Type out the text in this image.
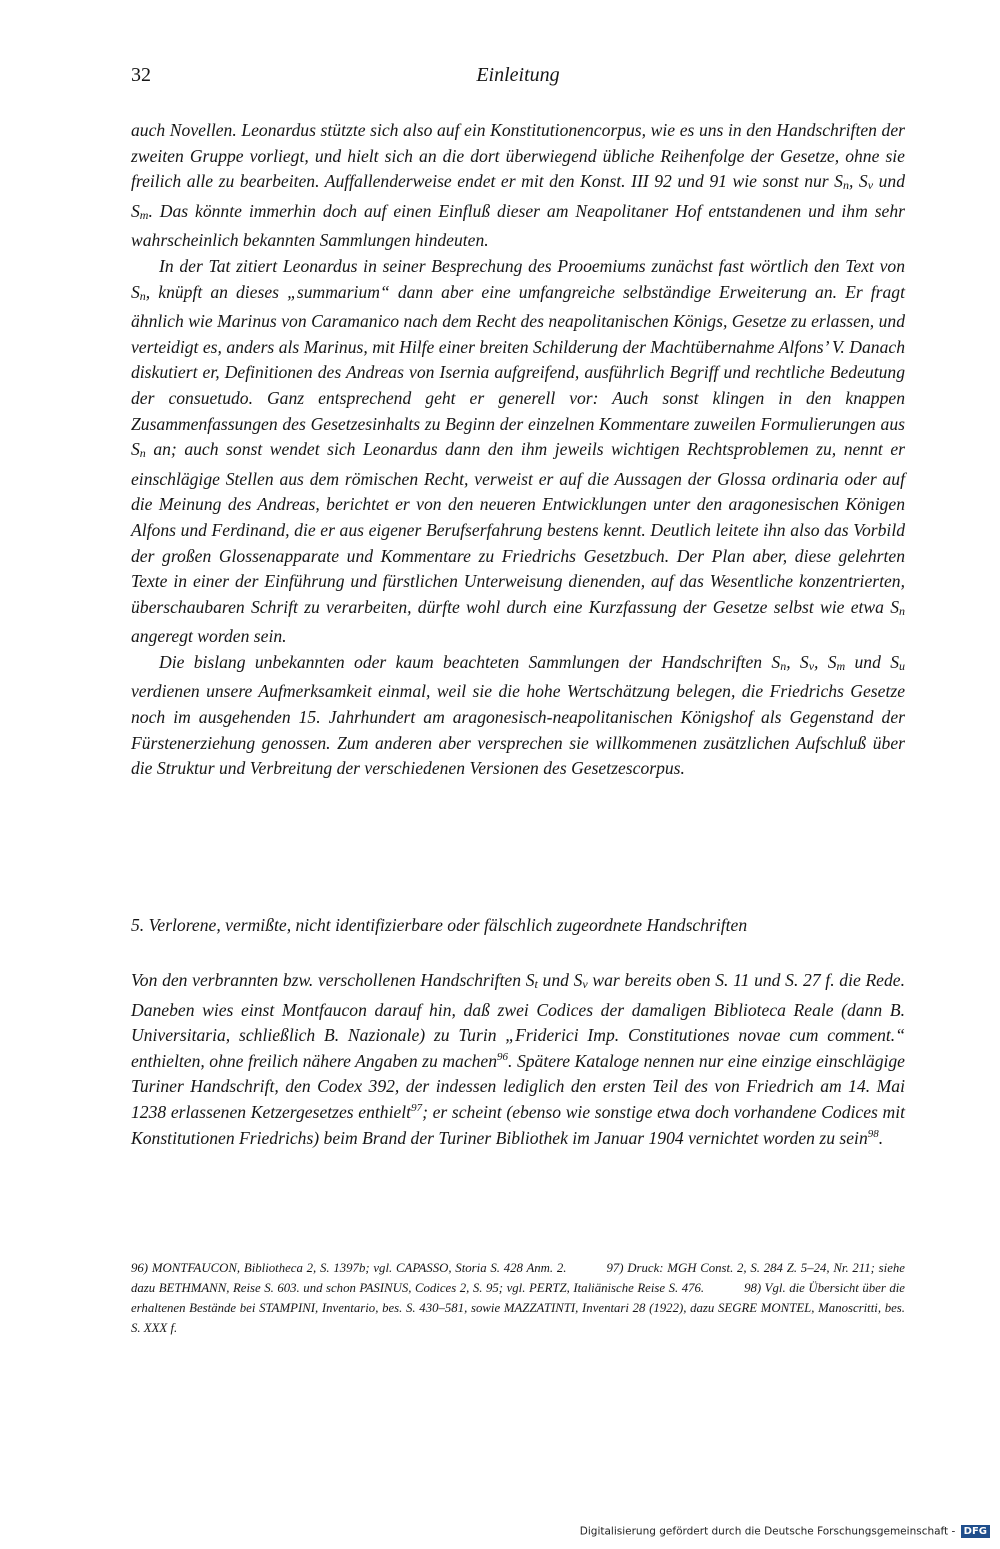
32	Einleitung

auch Novellen. Leonardus stützte sich also auf ein Konstitutionencorpus, wie es uns in den Handschriften der zweiten Gruppe vorliegt, und hielt sich an die dort überwiegend übliche Reihenfolge der Gesetze, ohne sie freilich alle zu bearbeiten. Auffallenderweise endet er mit den Konst. III 92 und 91 wie sonst nur Sn, Sv und Sm. Das könnte immerhin doch auf einen Einfluß dieser am Neapolitaner Hof entstandenen und ihm sehr wahrscheinlich bekannten Sammlungen hindeuten.

In der Tat zitiert Leonardus in seiner Besprechung des Prooemiums zunächst fast wörtlich den Text von Sn, knüpft an dieses „summarium“ dann aber eine umfangreiche selbständige Erweiterung an. Er fragt ähnlich wie Marinus von Caramanico nach dem Recht des neapolitanischen Königs, Gesetze zu erlassen, und verteidigt es, anders als Marinus, mit Hilfe einer breiten Schilderung der Machtübernahme Alfons’ V. Danach diskutiert er, Definitionen des Andreas von Isernia aufgreifend, ausführlich Begriff und rechtliche Bedeutung der consuetudo. Ganz entsprechend geht er generell vor: Auch sonst klingen in den knappen Zusammenfassungen des Gesetzesinhalts zu Beginn der einzelnen Kommentare zuweilen Formulierungen aus Sn an; auch sonst wendet sich Leonardus dann den ihm jeweils wichtigen Rechtsproblemen zu, nennt er einschlägige Stellen aus dem römischen Recht, verweist er auf die Aussagen der Glossa ordinaria oder auf die Meinung des Andreas, berichtet er von den neueren Entwicklungen unter den aragonesischen Königen Alfons und Ferdinand, die er aus eigener Berufserfahrung bestens kennt. Deutlich leitete ihn also das Vorbild der großen Glossenapparate und Kommentare zu Friedrichs Gesetzbuch. Der Plan aber, diese gelehrten Texte in einer der Einführung und fürstlichen Unterweisung dienenden, auf das Wesentliche konzentrierten, überschaubaren Schrift zu verarbeiten, dürfte wohl durch eine Kurzfassung der Gesetze selbst wie etwa Sn angeregt worden sein.

Die bislang unbekannten oder kaum beachteten Sammlungen der Handschriften Sn, Sv, Sm und Su verdienen unsere Aufmerksamkeit einmal, weil sie die hohe Wertschätzung belegen, die Friedrichs Gesetze noch im ausgehenden 15. Jahrhundert am aragonesisch-neapolitanischen Königshof als Gegenstand der Fürstenerziehung genossen. Zum anderen aber versprechen sie willkommenen zusätzlichen Aufschluß über die Struktur und Verbreitung der verschiedenen Versionen des Gesetzescorpus.

5. Verlorene, vermißte, nicht identifizierbare oder fälschlich zugeordnete Handschriften

Von den verbrannten bzw. verschollenen Handschriften St und Sv war bereits oben S. 11 und S. 27 f. die Rede. Daneben wies einst Montfaucon darauf hin, daß zwei Codices der damaligen Biblioteca Reale (dann B. Universitaria, schließlich B. Nazionale) zu Turin „Friderici Imp. Constitutiones novae cum comment.“ enthielten, ohne freilich nähere Angaben zu machen$^{96}$. Spätere Kataloge nennen nur eine einzige einschlägige Turiner Handschrift, den Codex 392, der indessen lediglich den ersten Teil des von Friedrich am 14. Mai 1238 erlassenen Ketzergesetzes enthielt$^{97}$; er scheint (ebenso wie sonstige etwa doch vorhandene Codices mit Konstitutionen Friedrichs) beim Brand der Turiner Bibliothek im Januar 1904 vernichtet worden zu sein$^{98}$.

96) MONTFAUCON, Bibliotheca 2, S. 1397b; vgl. CAPASSO, Storia S. 428 Anm. 2.	97) Druck: MGH Const. 2, S. 284 Z. 5–24, Nr. 211; siehe dazu BETHMANN, Reise S. 603. und schon PASINUS, Codices 2, S. 95; vgl. PERTZ, Italiänische Reise S. 476.	98) Vgl. die Übersicht über die erhaltenen Bestände bei STAMPINI, Inventario, bes. S. 430–581, sowie MAZZATINTI, Inventari 28 (1922), dazu SEGRE MONTEL, Manoscritti, bes. S. XXX f.

Digitalisierung gefördert durch die Deutsche Forschungsgemeinschaft - DFG
